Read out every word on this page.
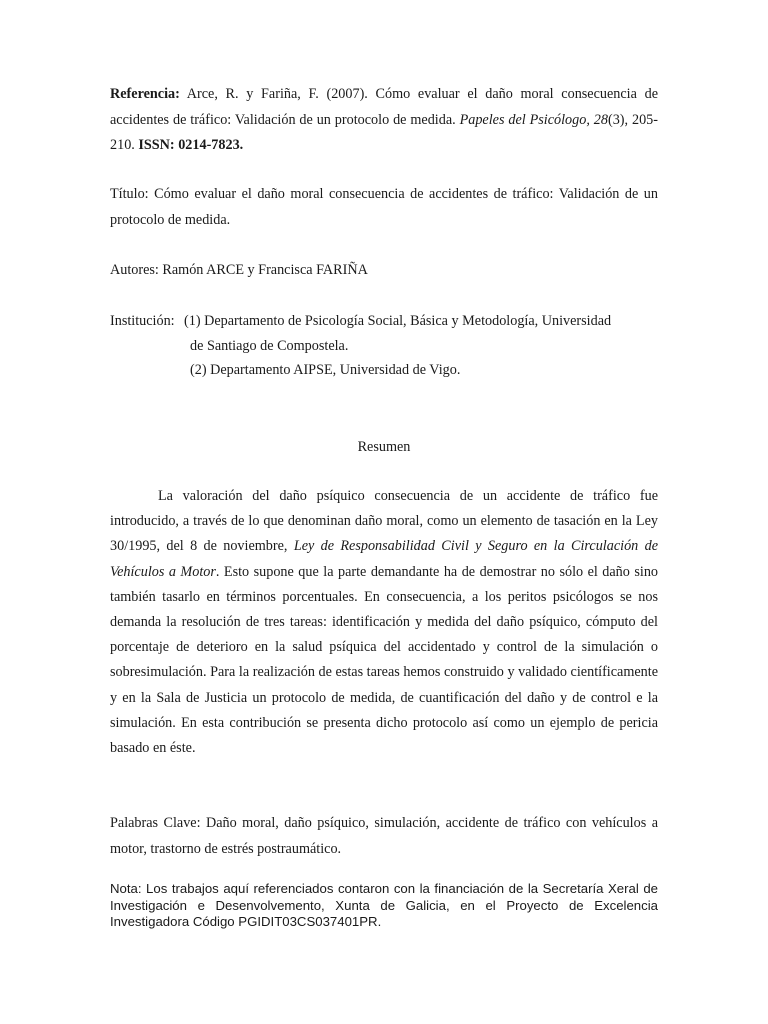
Referencia: Arce, R. y Fariña, F. (2007). Cómo evaluar el daño moral consecuencia de accidentes de tráfico: Validación de un protocolo de medida. Papeles del Psicólogo, 28(3), 205-210. ISSN: 0214-7823.

Título: Cómo evaluar el daño moral consecuencia de accidentes de tráfico: Validación de un protocolo de medida.

Autores: Ramón ARCE y Francisca FARIÑA

Institución: (1) Departamento de Psicología Social, Básica y Metodología, Universidad

de Santiago de Compostela.

(2) Departamento AIPSE, Universidad de Vigo.

Resumen

La valoración del daño psíquico consecuencia de un accidente de tráfico fue introducido, a través de lo que denominan daño moral, como un elemento de tasación en la Ley 30/1995, del 8 de noviembre, Ley de Responsabilidad Civil y Seguro en la Circulación de Vehículos a Motor. Esto supone que la parte demandante ha de demostrar no sólo el daño sino también tasarlo en términos porcentuales. En consecuencia, a los peritos psicólogos se nos demanda la resolución de tres tareas: identificación y medida del daño psíquico, cómputo del porcentaje de deterioro en la salud psíquica del accidentado y control de la simulación o sobresimulación. Para la realización de estas tareas hemos construido y validado científicamente y en la Sala de Justicia un protocolo de medida, de cuantificación del daño y de control e la simulación. En esta contribución se presenta dicho protocolo así como un ejemplo de pericia basado en éste.

Palabras Clave: Daño moral, daño psíquico, simulación, accidente de tráfico con vehículos a motor, trastorno de estrés postraumático.

Nota: Los trabajos aquí referenciados contaron con la financiación de la Secretaría Xeral de Investigación e Desenvolvemento, Xunta de Galicia, en el Proyecto de Excelencia Investigadora Código PGIDIT03CS037401PR.
